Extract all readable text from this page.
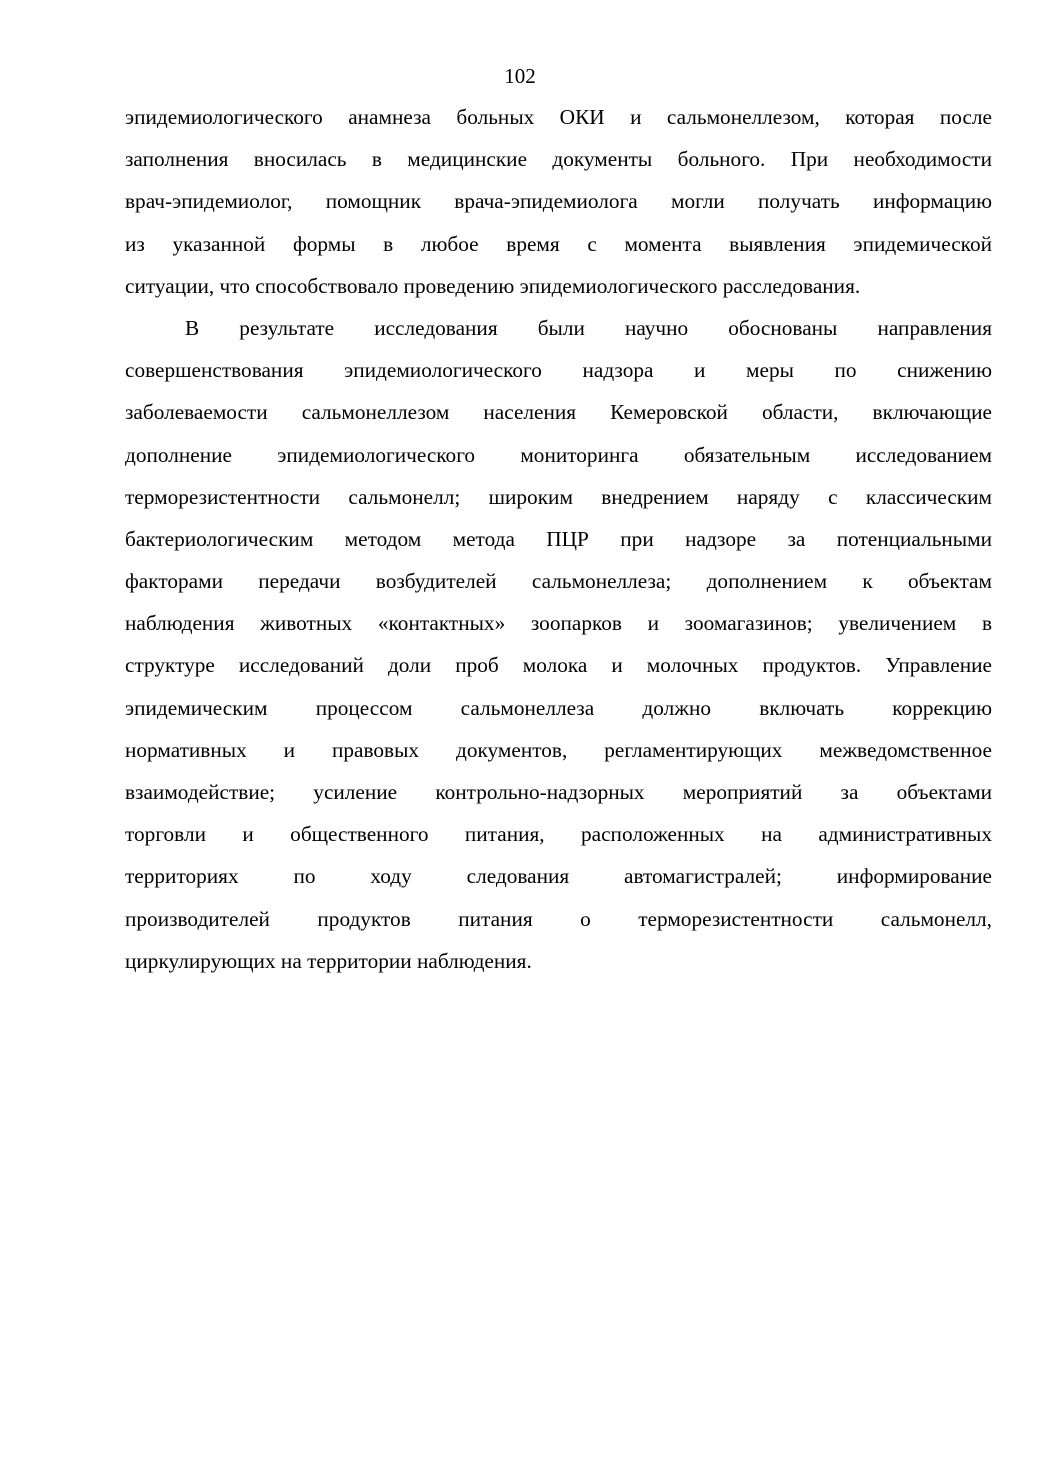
102
эпидемиологического анамнеза больных ОКИ и сальмонеллезом, которая после
заполнения вносилась в медицинские документы больного. При необходимости
врач-эпидемиолог, помощник врача-эпидемиолога могли получать информацию
из указанной формы в любое время с момента выявления эпидемической
ситуации, что способствовало проведению эпидемиологического расследования.
В результате исследования были научно обоснованы направления
совершенствования эпидемиологического надзора и меры по снижению
заболеваемости сальмонеллезом населения Кемеровской области, включающие
дополнение эпидемиологического мониторинга обязательным исследованием
терморезистентности сальмонелл; широким внедрением наряду с классическим
бактериологическим методом метода ПЦР при надзоре за потенциальными
факторами передачи возбудителей сальмонеллеза; дополнением к объектам
наблюдения животных «контактных» зоопарков и зоомагазинов; увеличением в
структуре исследований доли проб молока и молочных продуктов. Управление
эпидемическим процессом сальмонеллеза должно включать коррекцию
нормативных и правовых документов, регламентирующих межведомственное
взаимодействие; усиление контрольно-надзорных мероприятий за объектами
торговли и общественного питания, расположенных на административных
территориях по ходу следования автомагистралей; информирование
производителей продуктов питания о терморезистентности сальмонелл,
циркулирующих на территории наблюдения.
